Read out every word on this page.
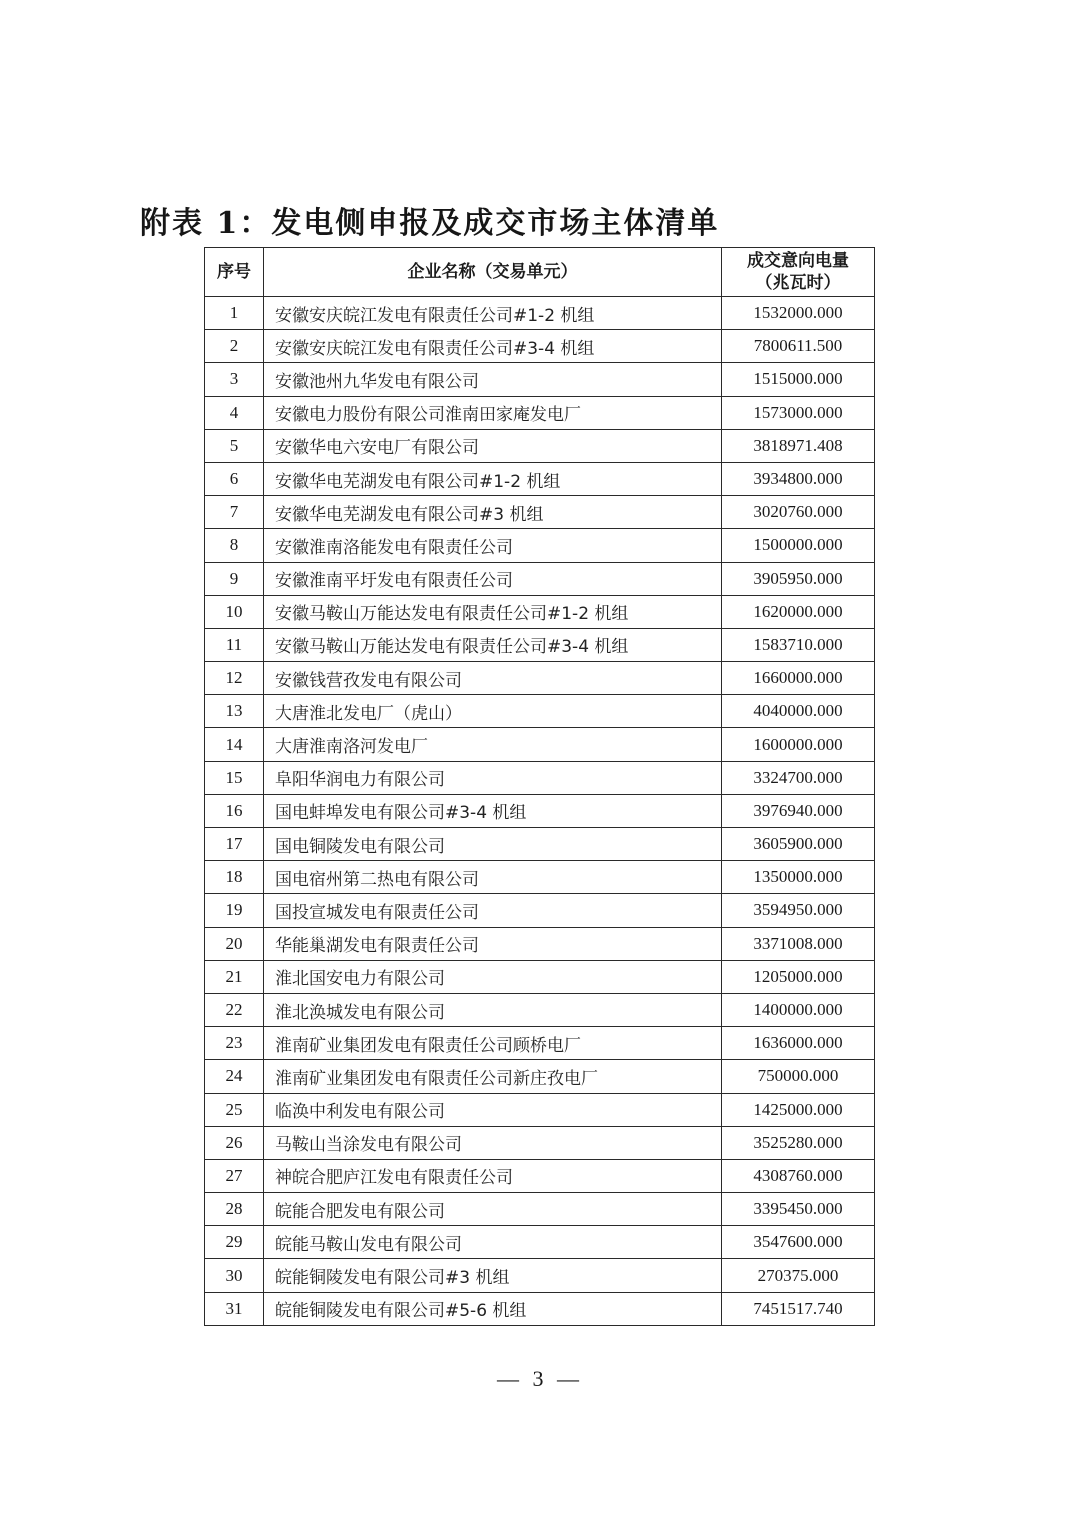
附表 1：发电侧申报及成交市场主体清单
序号	企业名称（交易单元）	成交意向电量
（兆瓦时）

1	安徽安庆皖江发电有限责任公司#1-2 机组	1532000.000
2	安徽安庆皖江发电有限责任公司#3-4 机组	7800611.500
3	安徽池州九华发电有限公司	1515000.000
4	安徽电力股份有限公司淮南田家庵发电厂	1573000.000
5	安徽华电六安电厂有限公司	3818971.408
6	安徽华电芜湖发电有限公司#1-2 机组	3934800.000
7	安徽华电芜湖发电有限公司#3 机组	3020760.000
8	安徽淮南洛能发电有限责任公司	1500000.000
9	安徽淮南平圩发电有限责任公司	3905950.000
10	安徽马鞍山万能达发电有限责任公司#1-2 机组	1620000.000
11	安徽马鞍山万能达发电有限责任公司#3-4 机组	1583710.000
12	安徽钱营孜发电有限公司	1660000.000
13	大唐淮北发电厂（虎山）	4040000.000
14	大唐淮南洛河发电厂	1600000.000
15	阜阳华润电力有限公司	3324700.000
16	国电蚌埠发电有限公司#3-4 机组	3976940.000
17	国电铜陵发电有限公司	3605900.000
18	国电宿州第二热电有限公司	1350000.000
19	国投宣城发电有限责任公司	3594950.000
20	华能巢湖发电有限责任公司	3371008.000
21	淮北国安电力有限公司	1205000.000
22	淮北涣城发电有限公司	1400000.000
23	淮南矿业集团发电有限责任公司顾桥电厂	1636000.000
24	淮南矿业集团发电有限责任公司新庄孜电厂	750000.000
25	临涣中利发电有限公司	1425000.000
26	马鞍山当涂发电有限公司	3525280.000
27	神皖合肥庐江发电有限责任公司	4308760.000
28	皖能合肥发电有限公司	3395450.000
29	皖能马鞍山发电有限公司	3547600.000
30	皖能铜陵发电有限公司#3 机组	270375.000
31	皖能铜陵发电有限公司#5-6 机组	7451517.740
— 3 —
